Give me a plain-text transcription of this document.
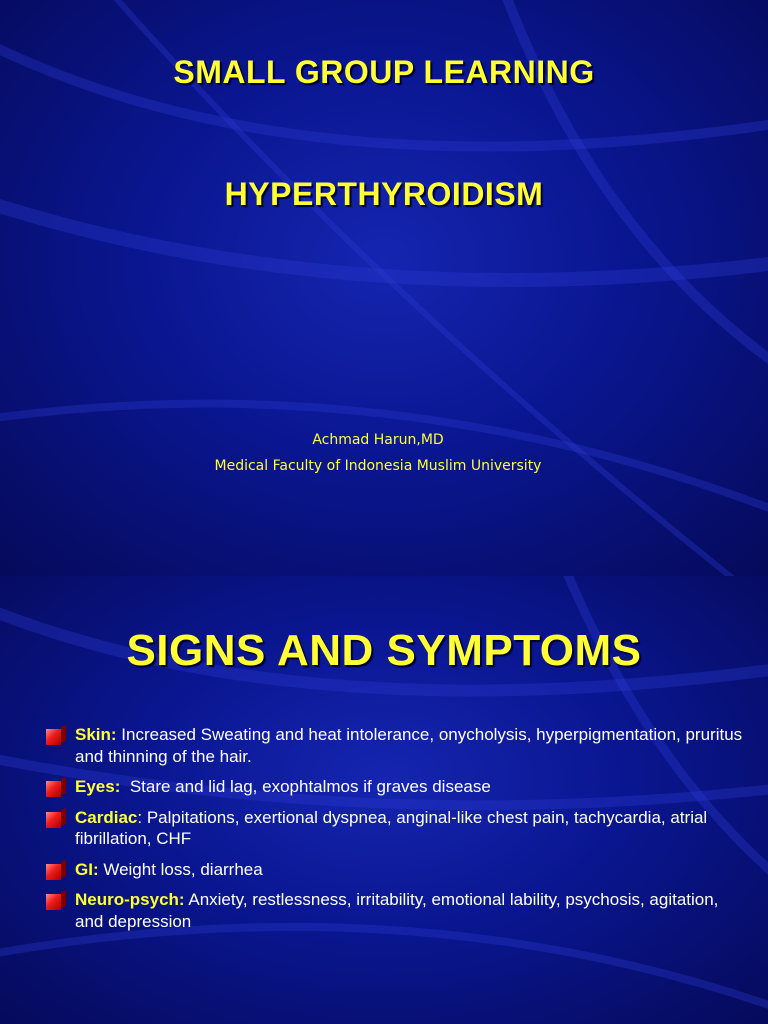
SMALL GROUP LEARNING
HYPERTHYROIDISM
Achmad Harun,MD
Medical Faculty of Indonesia Muslim University
SIGNS AND SYMPTOMS
Skin: Increased Sweating and heat intolerance, onycholysis, hyperpigmentation, pruritus and thinning of the hair.
Eyes:  Stare and lid lag, exophtalmos if graves disease
Cardiac: Palpitations, exertional dyspnea, anginal-like chest pain, tachycardia, atrial fibrillation, CHF
GI: Weight loss, diarrhea
Neuro-psych: Anxiety, restlessness, irritability, emotional lability, psychosis, agitation, and depression
